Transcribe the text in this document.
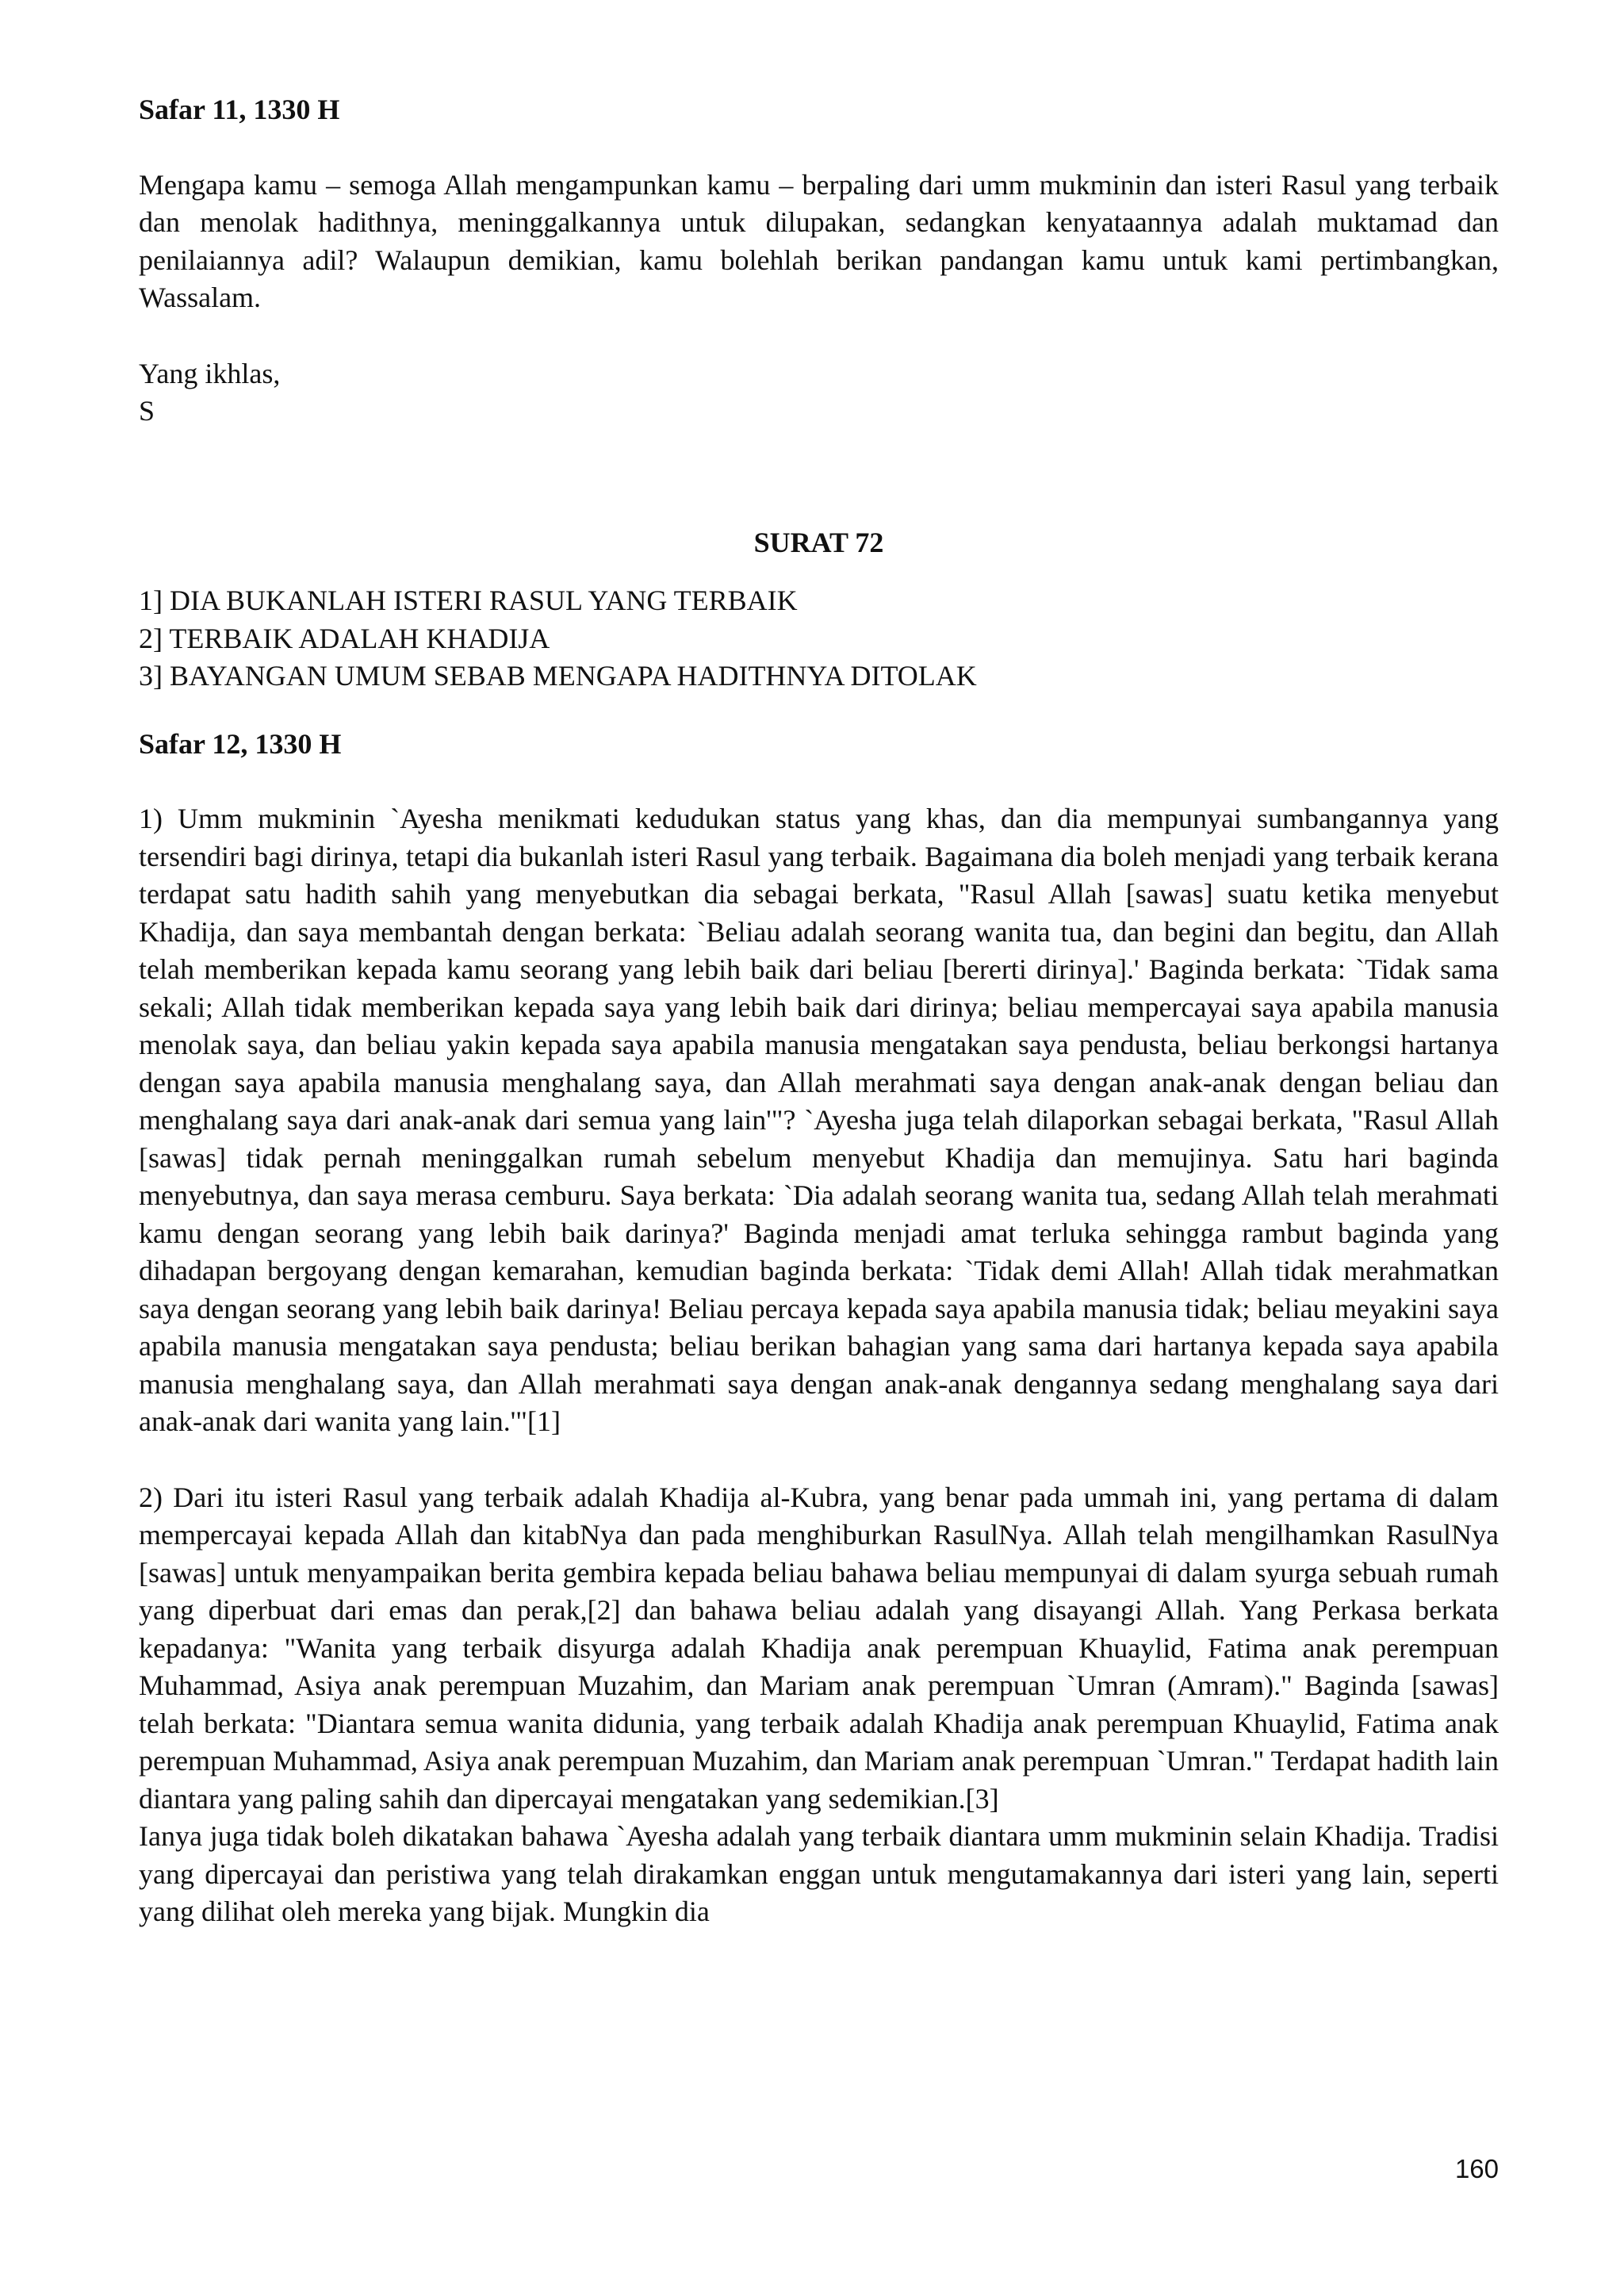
Safar 11, 1330 H

Mengapa kamu – semoga Allah mengampunkan kamu – berpaling dari umm mukminin dan isteri Rasul yang terbaik dan menolak hadithnya, meninggalkannya untuk dilupakan, sedangkan kenyataannya adalah muktamad dan penilaiannya adil? Walaupun demikian, kamu bolehlah berikan pandangan kamu untuk kami pertimbangkan, Wassalam.

Yang ikhlas,

S

SURAT 72

1] DIA BUKANLAH ISTERI RASUL YANG TERBAIK

2] TERBAIK ADALAH KHADIJA

3] BAYANGAN UMUM SEBAB MENGAPA HADITHNYA DITOLAK

Safar 12, 1330 H

1) Umm mukminin `Ayesha menikmati kedudukan status yang khas, dan dia mempunyai sumbangannya yang tersendiri bagi dirinya, tetapi dia bukanlah isteri Rasul yang terbaik. Bagaimana dia boleh menjadi yang terbaik kerana terdapat satu hadith sahih yang menyebutkan dia sebagai berkata, "Rasul Allah [sawas] suatu ketika menyebut Khadija, dan saya membantah dengan berkata: `Beliau adalah seorang wanita tua, dan begini dan begitu, dan Allah telah memberikan kepada kamu seorang yang lebih baik dari beliau [bererti dirinya].' Baginda berkata: `Tidak sama sekali; Allah tidak memberikan kepada saya yang lebih baik dari dirinya; beliau mempercayai saya apabila manusia menolak saya, dan beliau yakin kepada saya apabila manusia mengatakan saya pendusta, beliau berkongsi hartanya dengan saya apabila manusia menghalang saya, dan Allah merahmati saya dengan anak-anak dengan beliau dan menghalang saya dari anak-anak dari semua yang lain'"? `Ayesha juga telah dilaporkan sebagai berkata, "Rasul Allah [sawas] tidak pernah meninggalkan rumah sebelum menyebut Khadija dan memujinya. Satu hari baginda menyebutnya, dan saya merasa cemburu. Saya berkata: `Dia adalah seorang wanita tua, sedang Allah telah merahmati kamu dengan seorang yang lebih baik darinya?' Baginda menjadi amat terluka sehingga rambut baginda yang dihadapan bergoyang dengan kemarahan, kemudian baginda berkata: `Tidak demi Allah! Allah tidak merahmatkan saya dengan seorang yang lebih baik darinya! Beliau percaya kepada saya apabila manusia tidak; beliau meyakini saya apabila manusia mengatakan saya pendusta; beliau berikan bahagian yang sama dari hartanya kepada saya apabila manusia menghalang saya, dan Allah merahmati saya dengan anak-anak dengannya sedang menghalang saya dari anak-anak dari wanita yang lain.'"[1]

2) Dari itu isteri Rasul yang terbaik adalah Khadija al-Kubra, yang benar pada ummah ini, yang pertama di dalam mempercayai kepada Allah dan kitabNya dan pada menghiburkan RasulNya. Allah telah mengilhamkan RasulNya [sawas] untuk menyampaikan berita gembira kepada beliau bahawa beliau mempunyai di dalam syurga sebuah rumah yang diperbuat dari emas dan perak,[2] dan bahawa beliau adalah yang disayangi Allah. Yang Perkasa berkata kepadanya: "Wanita yang terbaik disyurga adalah Khadija anak perempuan Khuaylid, Fatima anak perempuan Muhammad, Asiya anak perempuan Muzahim, dan Mariam anak perempuan `Umran (Amram)." Baginda [sawas] telah berkata: "Diantara semua wanita didunia, yang terbaik adalah Khadija anak perempuan Khuaylid, Fatima anak perempuan Muhammad, Asiya anak perempuan Muzahim, dan Mariam anak perempuan `Umran." Terdapat hadith lain diantara yang paling sahih dan dipercayai mengatakan yang sedemikian.[3]

Ianya juga tidak boleh dikatakan bahawa `Ayesha adalah yang terbaik diantara umm mukminin selain Khadija. Tradisi yang dipercayai dan peristiwa yang telah dirakamkan enggan untuk mengutamakannya dari isteri yang lain, seperti yang dilihat oleh mereka yang bijak. Mungkin dia

160
